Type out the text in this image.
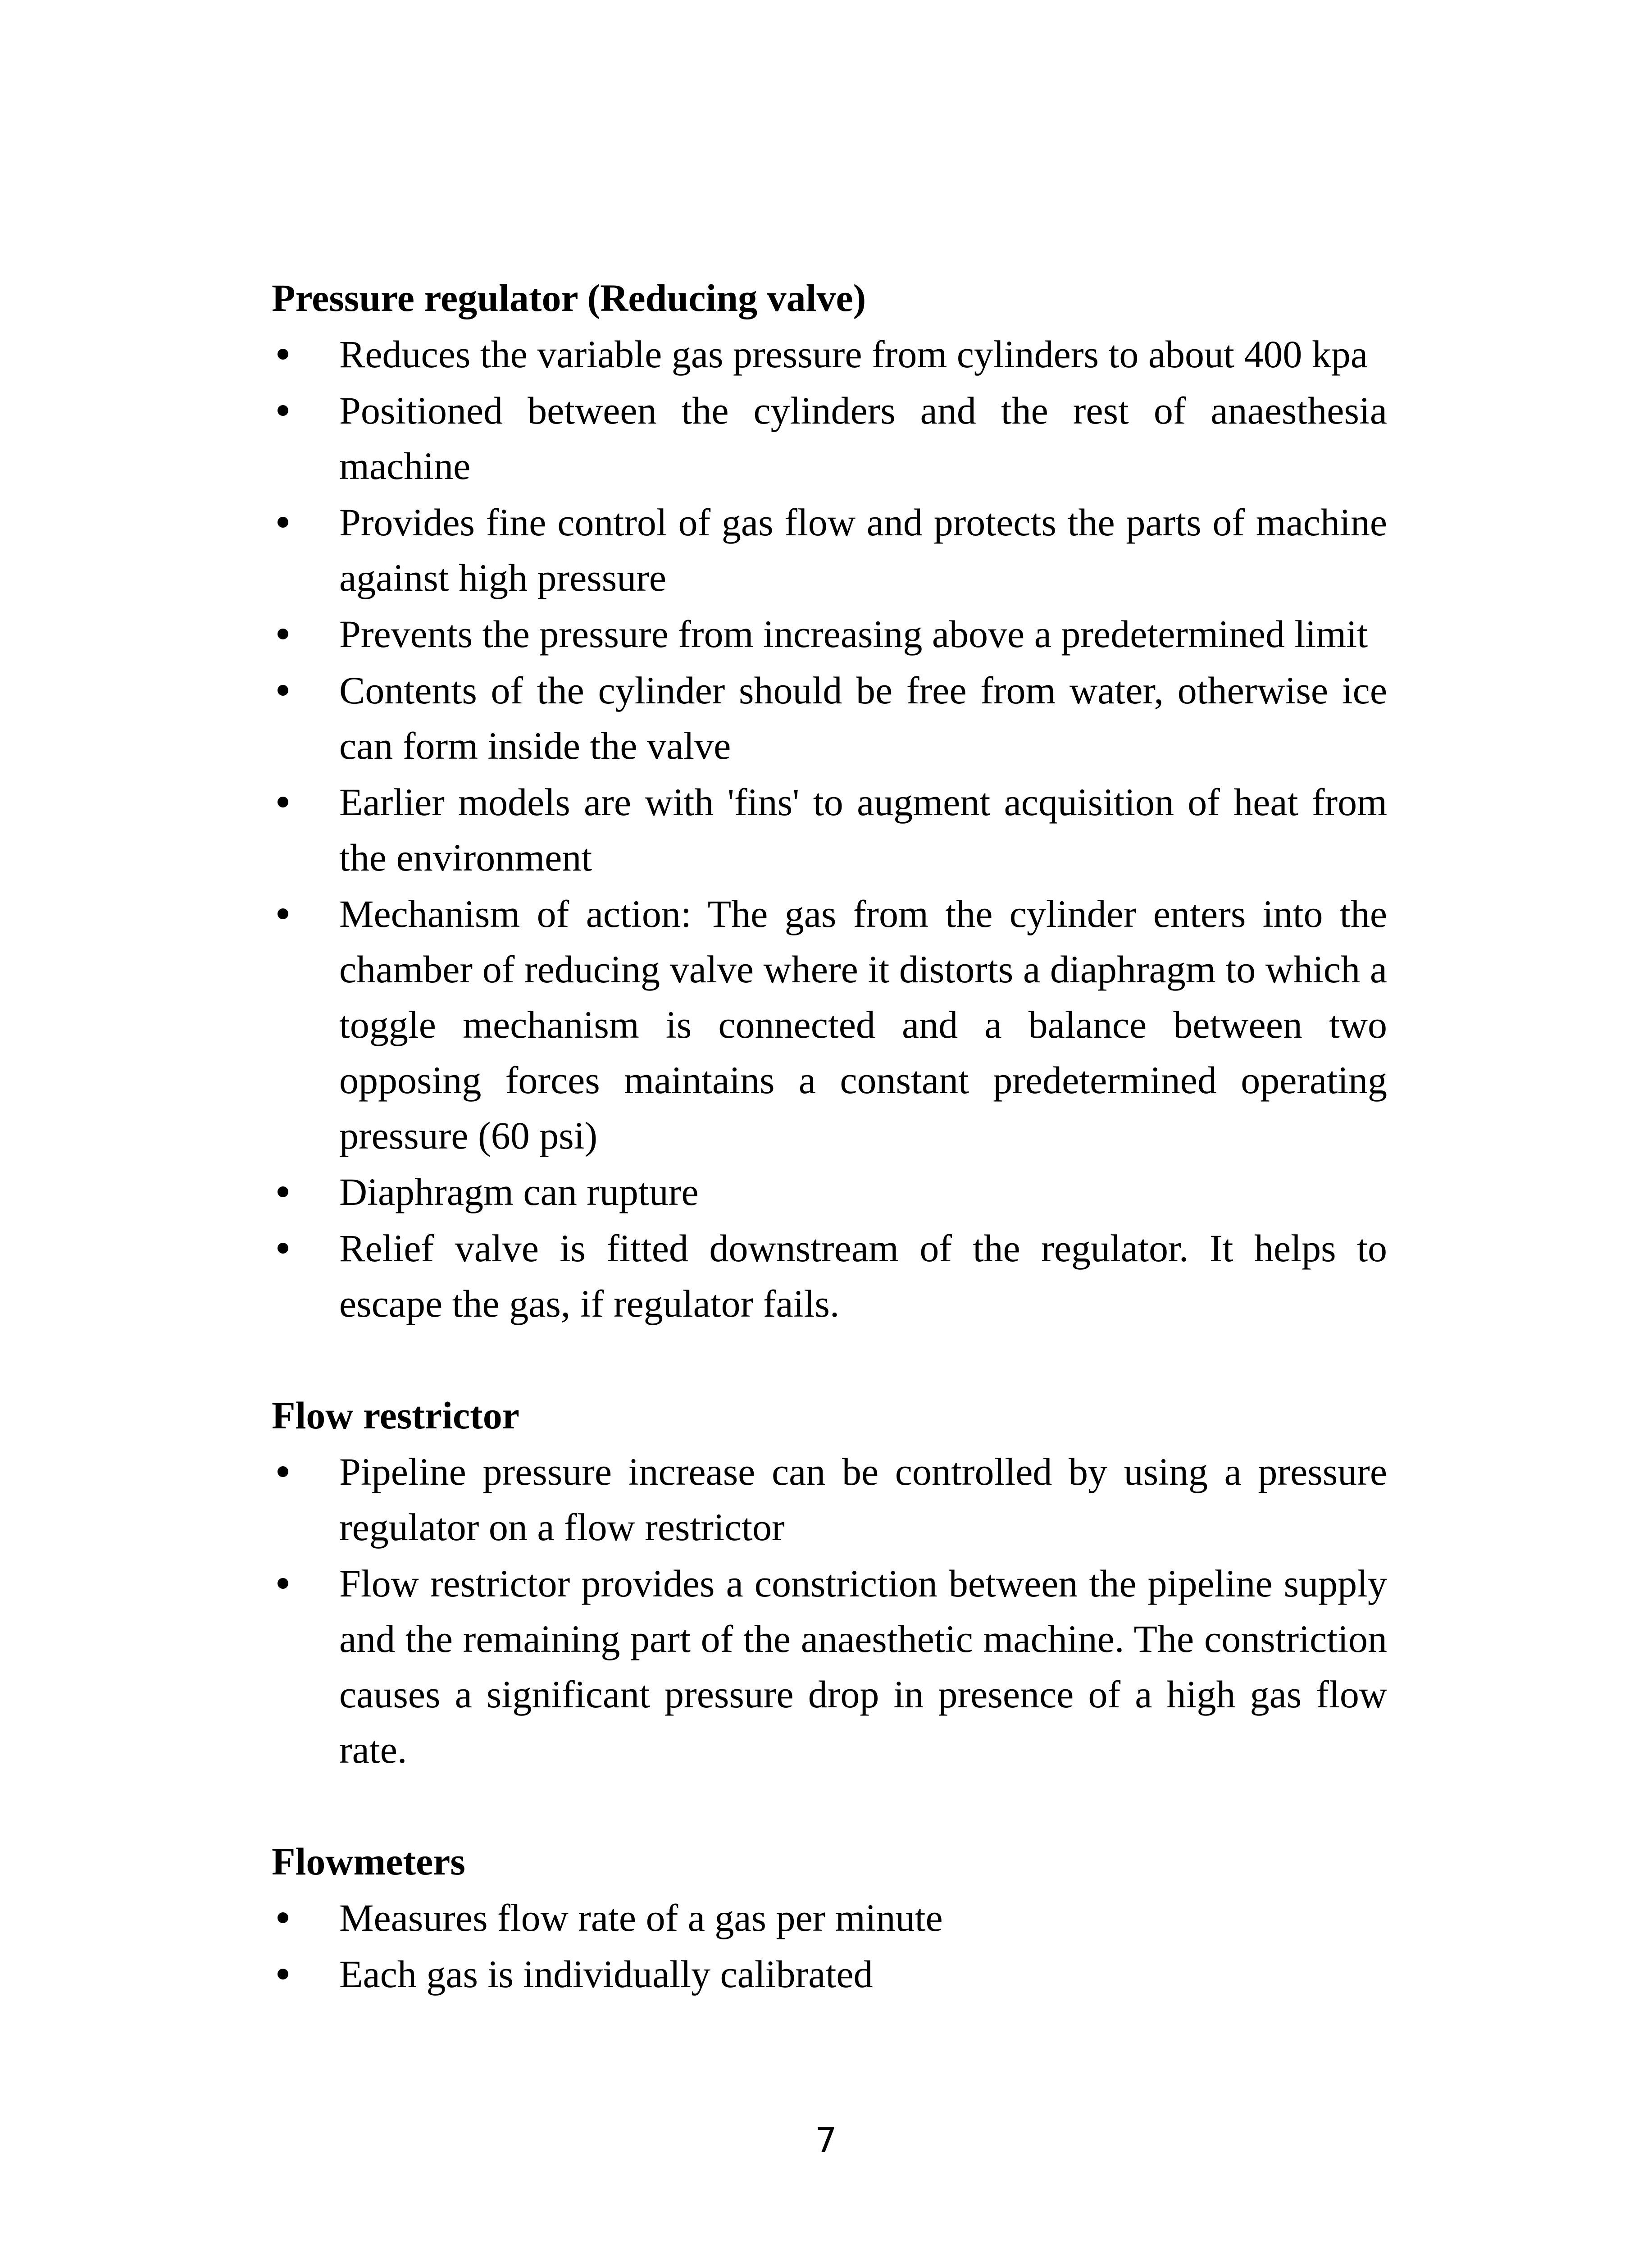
Pressure regulator (Reducing valve)

Reduces the variable gas pressure from cylinders to about 400 kpa
Positioned between the cylinders and the rest of anaesthesia machine
Provides fine control of gas flow and protects the parts of machine against high pressure
Prevents the pressure from increasing above a predetermined limit
Contents of the cylinder should be free from water, otherwise ice can form inside the valve
Earlier models are with 'fins' to augment acquisition of heat from the environment
Mechanism of action: The gas from the cylinder enters into the chamber of reducing valve where it distorts a diaphragm to which a toggle mechanism is connected and a balance between two opposing forces maintains a constant predetermined operating pressure (60 psi)
Diaphragm can rupture
Relief valve is fitted downstream of the regulator. It helps to escape the gas, if regulator fails.

Flow restrictor

Pipeline pressure increase can be controlled by using a pressure regulator on a flow restrictor
Flow restrictor provides a constriction between the pipeline supply and the remaining part of the anaesthetic machine. The constriction causes a significant pressure drop in presence of a high gas flow rate.

Flowmeters

Measures flow rate of a gas per minute
Each gas is individually calibrated
7
